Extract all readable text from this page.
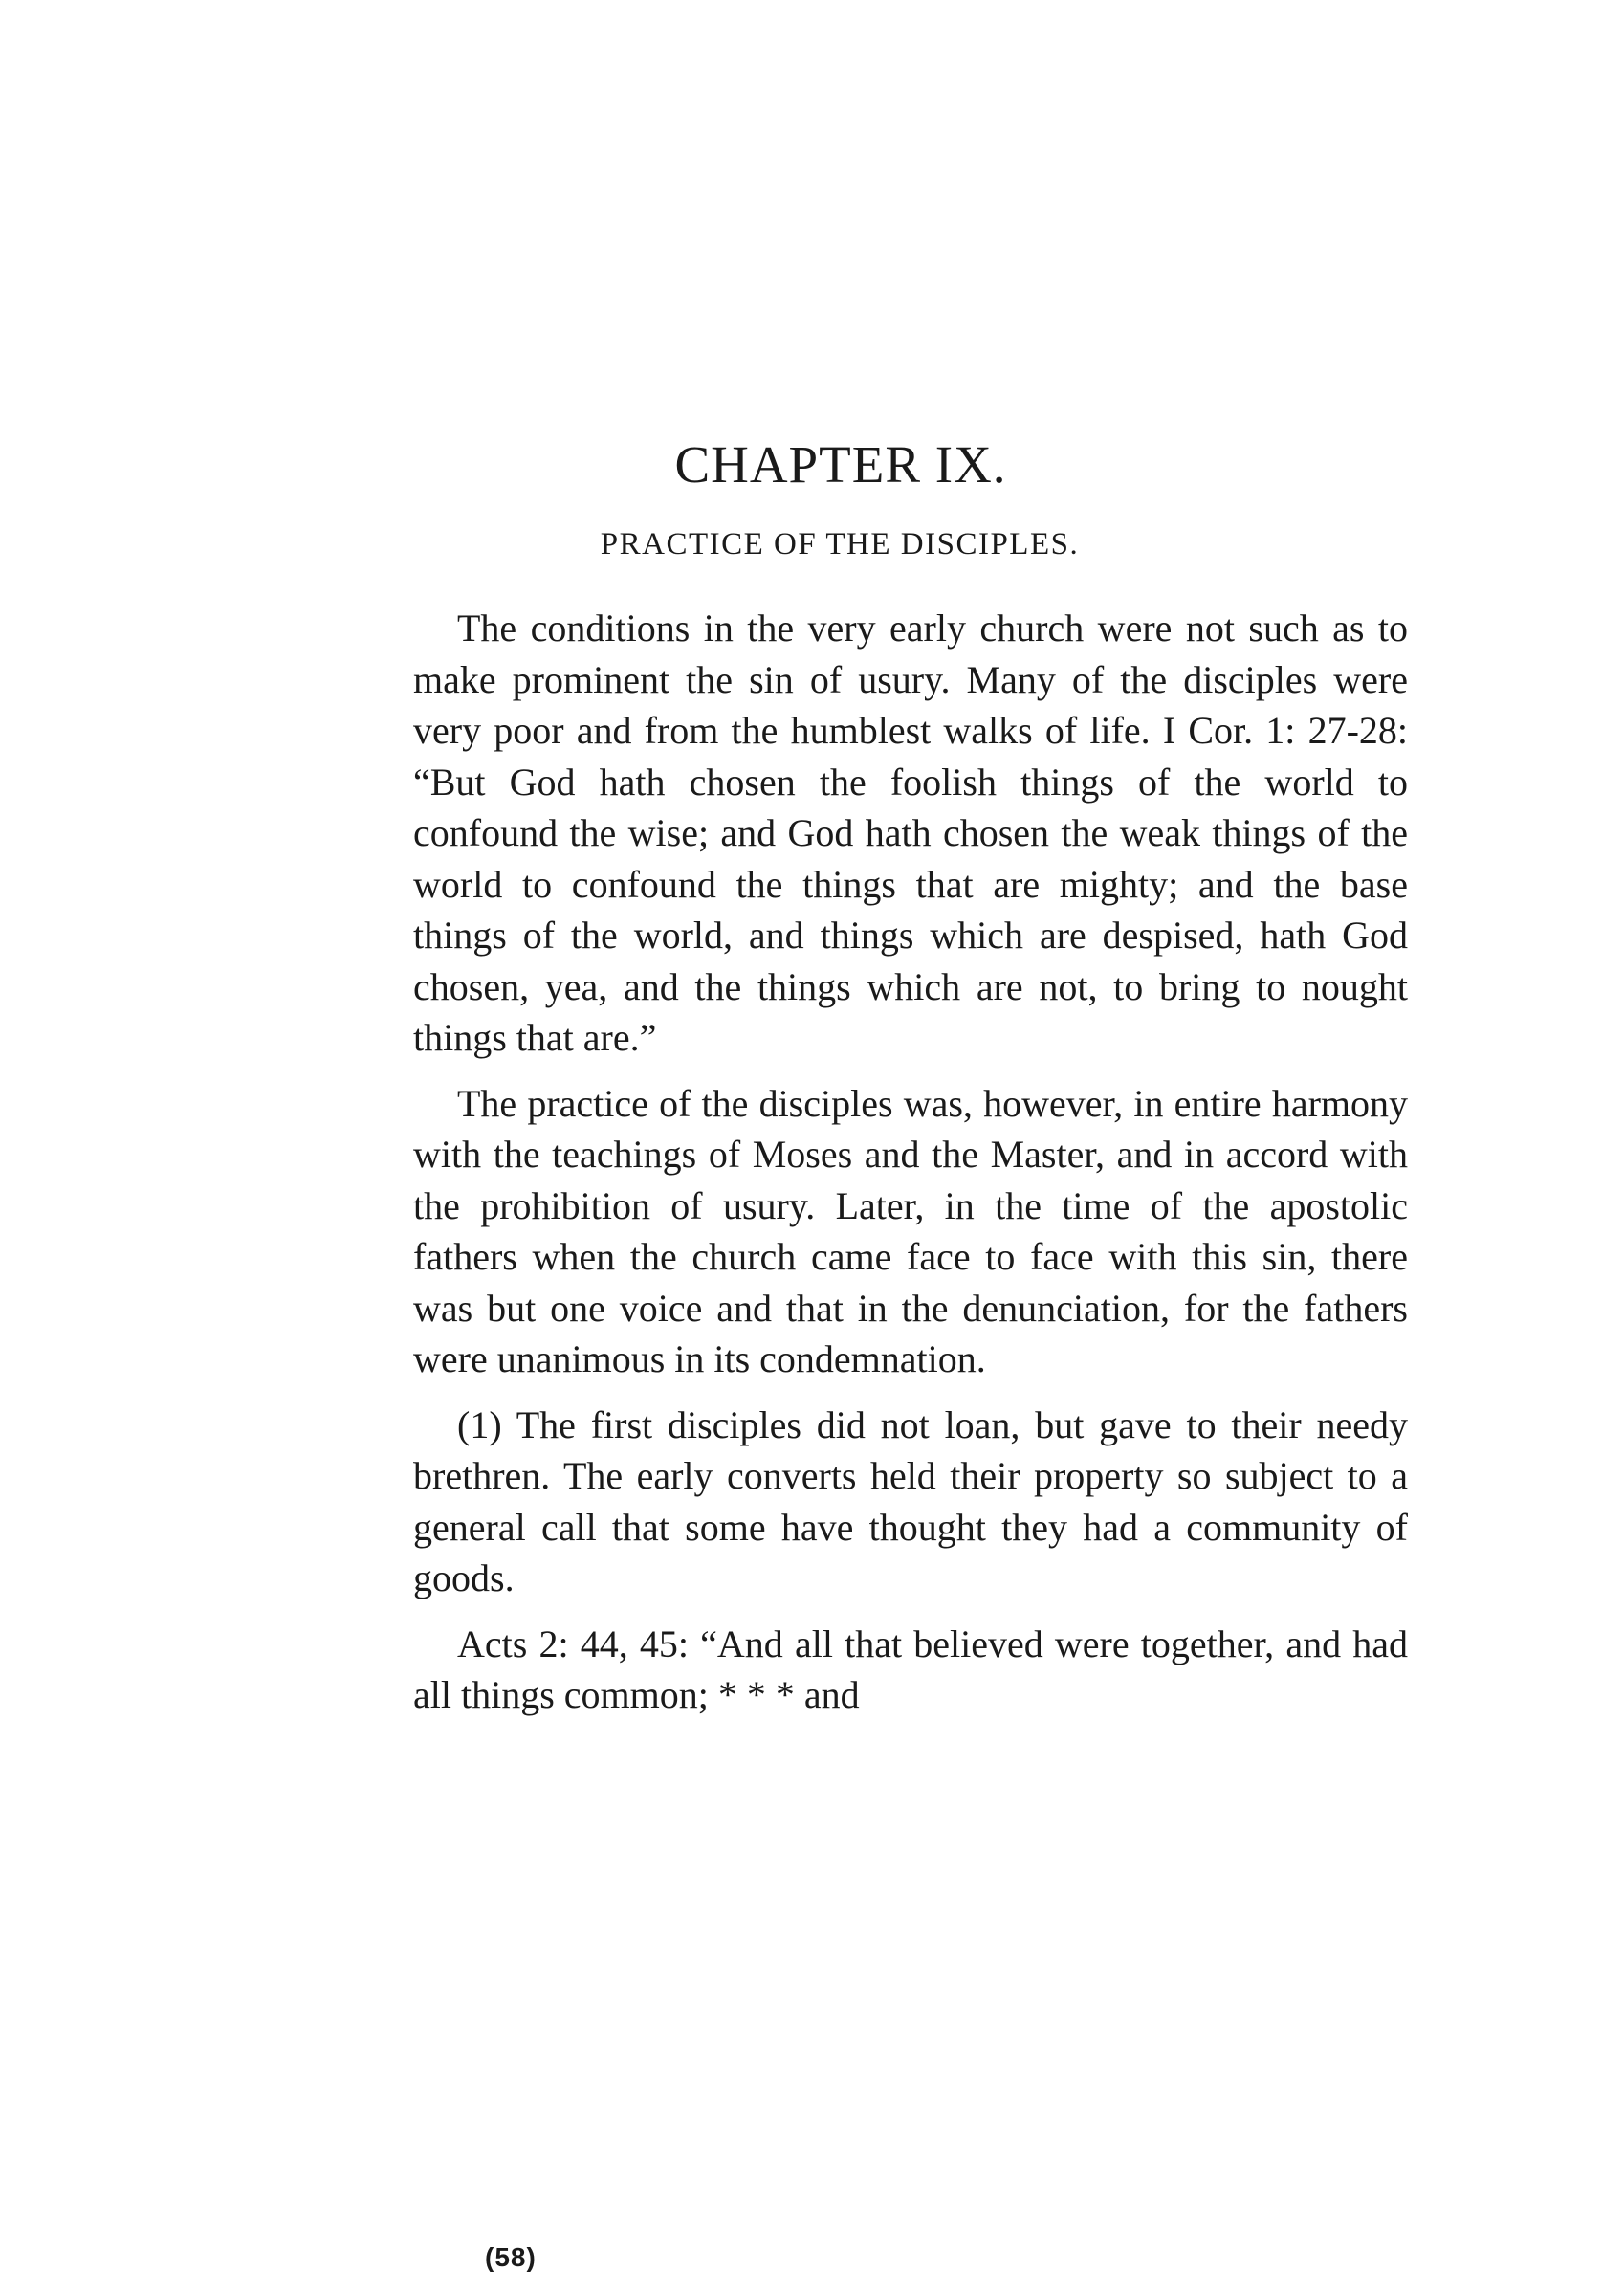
CHAPTER IX.
PRACTICE OF THE DISCIPLES.

The conditions in the very early church were not such as to make prominent the sin of usury. Many of the disciples were very poor and from the humblest walks of life. I Cor. 1: 27-28: “But God hath chosen the foolish things of the world to confound the wise; and God hath chosen the weak things of the world to confound the things that are mighty; and the base things of the world, and things which are despised, hath God chosen, yea, and the things which are not, to bring to nought things that are.”

The practice of the disciples was, however, in entire harmony with the teachings of Moses and the Master, and in accord with the prohibition of usury. Later, in the time of the apostolic fathers when the church came face to face with this sin, there was but one voice and that in the denunciation, for the fathers were unanimous in its condemnation.

(1) The first disciples did not loan, but gave to their needy brethren. The early converts held their property so subject to a general call that some have thought they had a community of goods.

Acts 2: 44, 45: “And all that believed were together, and had all things common; * * * and

(58)
